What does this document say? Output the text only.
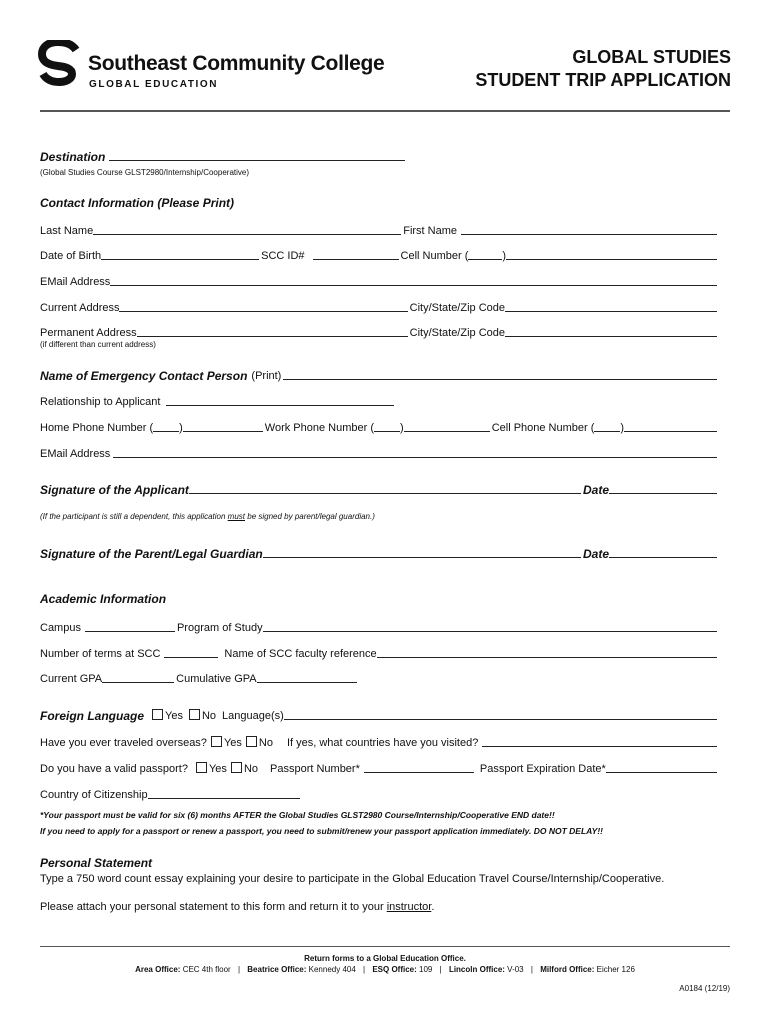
Southeast Community College
GLOBAL EDUCATION
GLOBAL STUDIES
STUDENT TRIP APPLICATION
Destination
(Global Studies Course GLST2980/Internship/Cooperative)
Contact Information (Please Print)
Last Name	First Name
Date of Birth	SCC ID#	Cell Number (	)
EMail Address
Current Address	City/State/Zip Code
Permanent Address	City/State/Zip Code
(if different than current address)
Name of Emergency Contact Person (Print)
Relationship to Applicant
Home Phone Number ( )	Work Phone Number ( )	Cell Phone Number ( )
EMail Address
Signature of the Applicant	Date
(If the participant is still a dependent, this application must be signed by parent/legal guardian.)
Signature of the Parent/Legal Guardian	Date
Academic Information
Campus	Program of Study
Number of terms at SCC	Name of SCC faculty reference
Current GPA	Cumulative GPA
Foreign Language Yes No Language(s)
Have you ever traveled overseas? Yes No If yes, what countries have you visited?
Do you have a valid passport? Yes No Passport Number*	Passport Expiration Date*
Country of Citizenship
*Your passport must be valid for six (6) months AFTER the Global Studies GLST2980 Course/Internship/Cooperative END date!!
If you need to apply for a passport or renew a passport, you need to submit/renew your passport application immediately. DO NOT DELAY!!
Personal Statement
Type a 750 word count essay explaining your desire to participate in the Global Education Travel Course/Internship/Cooperative.
Please attach your personal statement to this form and return it to your instructor.
Return forms to a Global Education Office.
Area Office: CEC 4th floor | Beatrice Office: Kennedy 404 | ESQ Office: 109 | Lincoln Office: V-03 | Milford Office: Eicher 126
A0184 (12/19)
